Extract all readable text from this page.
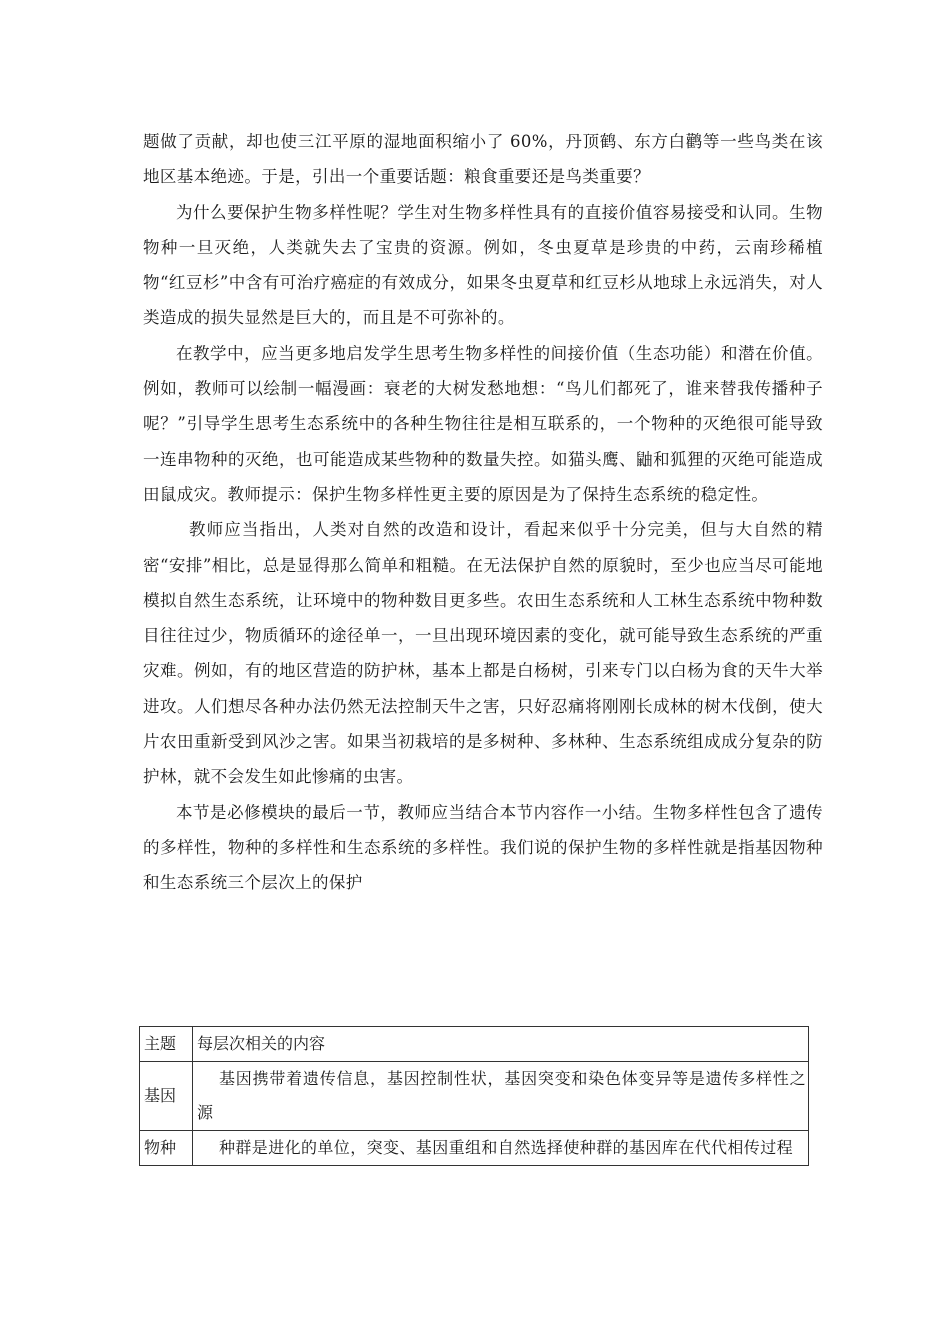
题做了贡献，却也使三江平原的湿地面积缩小了 60%，丹顶鹤、东方白鹳等一些鸟类在该地区基本绝迹。于是，引出一个重要话题：粮食重要还是鸟类重要？

为什么要保护生物多样性呢？学生对生物多样性具有的直接价值容易接受和认同。生物物种一旦灭绝，人类就失去了宝贵的资源。例如，冬虫夏草是珍贵的中药，云南珍稀植物“红豆杉”中含有可治疗癌症的有效成分，如果冬虫夏草和红豆杉从地球上永远消失，对人类造成的损失显然是巨大的，而且是不可弥补的。

在教学中，应当更多地启发学生思考生物多样性的间接价值（生态功能）和潜在价值。例如，教师可以绘制一幅漫画：衰老的大树发愁地想：“鸟儿们都死了，谁来替我传播种子呢？”引导学生思考生态系统中的各种生物往往是相互联系的，一个物种的灭绝很可能导致一连串物种的灭绝，也可能造成某些物种的数量失控。如猫头鹰、鼬和狐狸的灭绝可能造成田鼠成灾。教师提示：保护生物多样性更主要的原因是为了保持生态系统的稳定性。

教师应当指出，人类对自然的改造和设计，看起来似乎十分完美，但与大自然的精密“安排”相比，总是显得那么简单和粗糙。在无法保护自然的原貌时，至少也应当尽可能地模拟自然生态系统，让环境中的物种数目更多些。农田生态系统和人工林生态系统中物种数目往往过少，物质循环的途径单一，一旦出现环境因素的变化，就可能导致生态系统的严重灾难。例如，有的地区营造的防护林，基本上都是白杨树，引来专门以白杨为食的天牛大举进攻。人们想尽各种办法仍然无法控制天牛之害，只好忍痛将刚刚长成林的树木伐倒，使大片农田重新受到风沙之害。如果当初栽培的是多树种、多林种、生态系统组成成分复杂的防护林，就不会发生如此惨痛的虫害。

本节是必修模块的最后一节，教师应当结合本节内容作一小结。生物多样性包含了遗传的多样性，物种的多样性和生态系统的多样性。我们说的保护生物的多样性就是指基因物种和生态系统三个层次上的保护

主题	每层次相关的内容
基因	基因携带着遗传信息，基因控制性状，基因突变和染色体变异等是遗传多样性之源

物种	种群是进化的单位，突变、基因重组和自然选择使种群的基因库在代代相传过程
